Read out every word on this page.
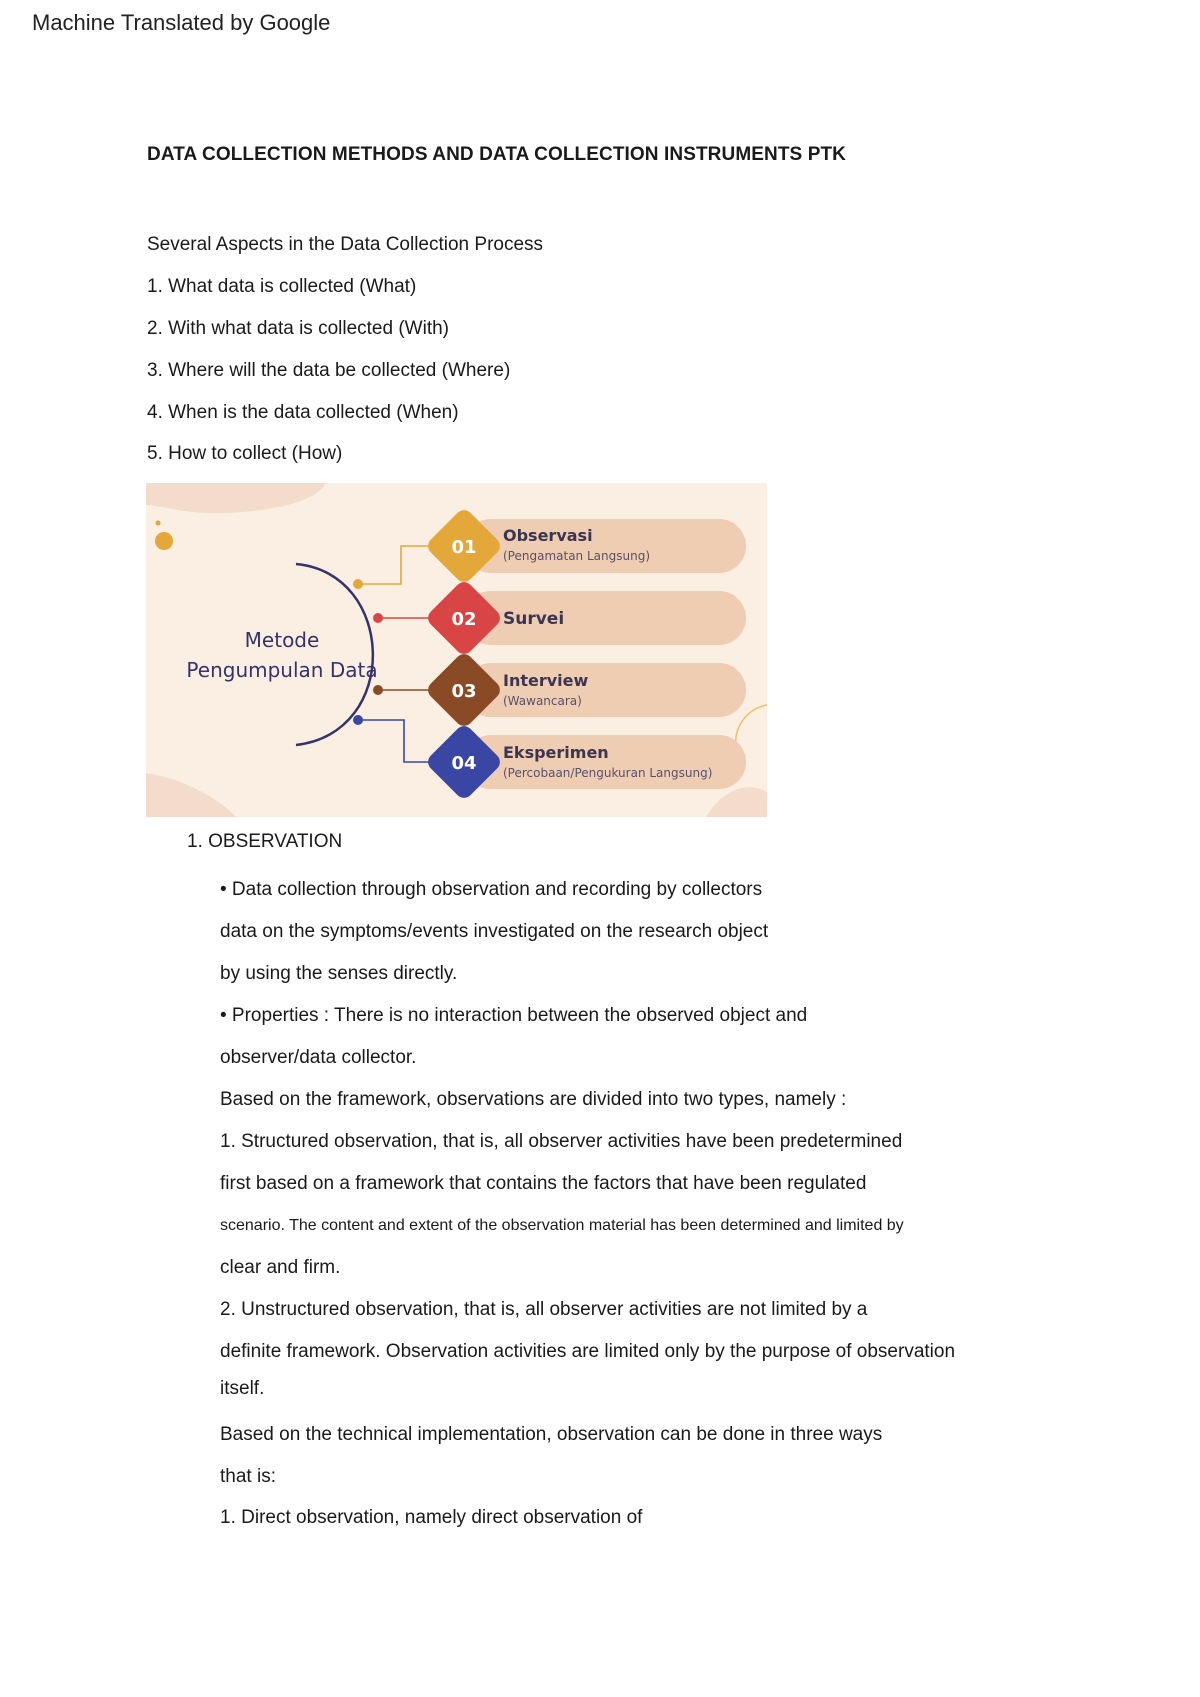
Machine Translated by Google
DATA COLLECTION METHODS AND DATA COLLECTION INSTRUMENTS PTK
Several Aspects in the Data Collection Process
1. What data is collected (What)
2. With what data is collected (With)
3. Where will the data be collected (Where)
4. When is the data collected (When)
5. How to collect (How)
Metode
Pengumpulan Data
01
Observasi
(Pengamatan Langsung)
02 Survei
03
Interview
(Wawancara)
04
Eksperimen
(Percobaan/Pengukuran Langsung)
1. OBSERVATION
• Data collection through observation and recording by collectors
data on the symptoms/events investigated on the research object
by using the senses directly.
• Properties : There is no interaction between the observed object and
observer/data collector.
Based on the framework, observations are divided into two types, namely :
1. Structured observation, that is, all observer activities have been predetermined
first based on a framework that contains the factors that have been regulated
scenario. The content and extent of the observation material has been determined and limited by
clear and firm.
2. Unstructured observation, that is, all observer activities are not limited by a
definite framework. Observation activities are limited only by the purpose of observation
itself.
Based on the technical implementation, observation can be done in three ways
that is:
1. Direct observation, namely direct observation of
